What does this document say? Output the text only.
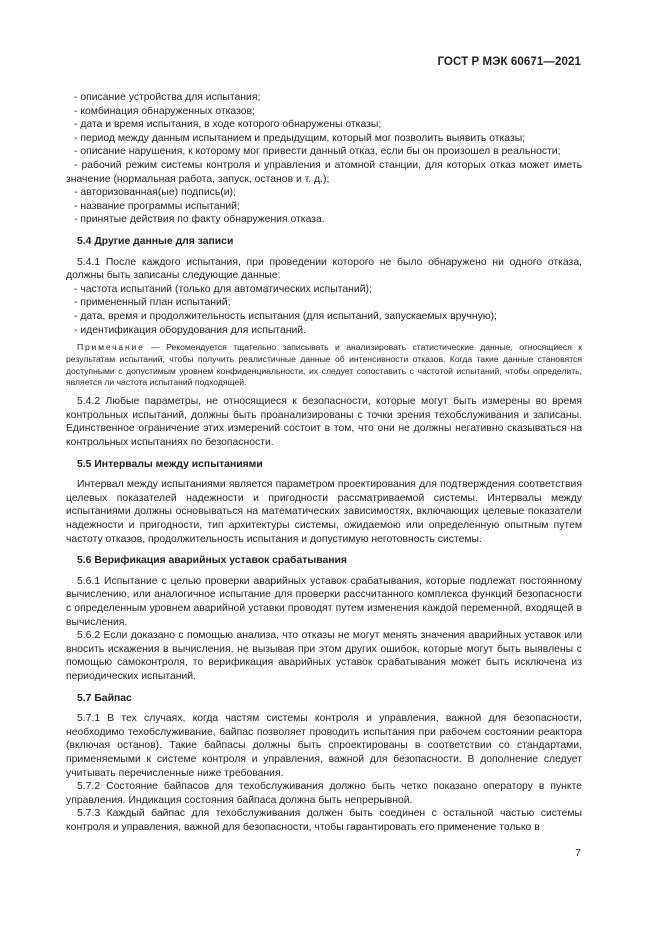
ГОСТ Р МЭК 60671—2021

- описание устройства для испытания;

- комбинация обнаруженных отказов;

- дата и время испытания, в ходе которого обнаружены отказы;

- период между данным испытанием и предыдущим, который мог позволить выявить отказы;

- описание нарушения, к которому мог привести данный отказ, если бы он произошел в реальности;

- рабочий режим системы контроля и управления и атомной станции, для которых отказ может иметь значение (нормальная работа, запуск, останов и т. д.);

- авторизованная(ые) подпись(и);

- название программы испытаний;

- принятые действия по факту обнаружения отказа.

5.4 Другие данные для записи

5.4.1 После каждого испытания, при проведении которого не было обнаружено ни одного отказа, должны быть записаны следующие данные:

- частота испытаний (только для автоматических испытаний);

- примененный план испытаний;

- дата, время и продолжительность испытания (для испытаний, запускаемых вручную);

- идентификация оборудования для испытаний.

Примечание — Рекомендуется тщательно записывать и анализировать статистические данные, относящиеся к результатам испытаний, чтобы получить реалистичные данные об интенсивности отказов. Когда такие данные становятся доступными с допустимым уровнем конфиденциальности, их следует сопоставить с частотой испытаний, чтобы определить, является ли частота испытаний подходящей.

5.4.2 Любые параметры, не относящиеся к безопасности, которые могут быть измерены во время контрольных испытаний, должны быть проанализированы с точки зрения техобслуживания и записаны. Единственное ограничение этих измерений состоит в том, что они не должны негативно сказываться на контрольных испытаниях по безопасности.

5.5 Интервалы между испытаниями

Интервал между испытаниями является параметром проектирования для подтверждения соответствия целевых показателей надежности и пригодности рассматриваемой системы. Интервалы между испытаниями должны основываться на математических зависимостях, включающих целевые показатели надежности и пригодности, тип архитектуры системы, ожидаемою или определенную опытным путем частоту отказов, продолжительность испытания и допустимую неготовность системы.

5.6 Верификация аварийных уставок срабатывания

5.6.1 Испытание с целью проверки аварийных уставок срабатывания, которые подлежат постоянному вычислению, или аналогичное испытание для проверки рассчитанного комплекса функций безопасности с определенным уровнем аварийной уставки проводят путем изменения каждой переменной, входящей в вычисления.

5.6.2 Если доказано с помощью анализа, что отказы не могут менять значения аварийных уставок или вносить искажения в вычисления, не вызывая при этом других ошибок, которые могут быть выявлены с помощью самоконтроля, то верификация аварийных уставок срабатывания может быть исключена из периодических испытаний.

5.7 Байпас

5.7.1 В тех случаях, когда частям системы контроля и управления, важной для безопасности, необходимо техобслуживание, байпас позволяет проводить испытания при рабочем состоянии реактора (включая останов). Такие байпасы должны быть спроектированы в соответствии со стандартами, применяемыми к системе контроля и управления, важной для безопасности. В дополнение следует учитывать перечисленные ниже требования.

5.7.2 Состояние байпасов для техобслуживания должно быть четко показано оператору в пункте управления. Индикация состояния байпаса должна быть непрерывной.

5.7.3 Каждый байпас для техобслуживания должен быть соединен с остальной частью системы контроля и управления, важной для безопасности, чтобы гарантировать его применение только в

7
